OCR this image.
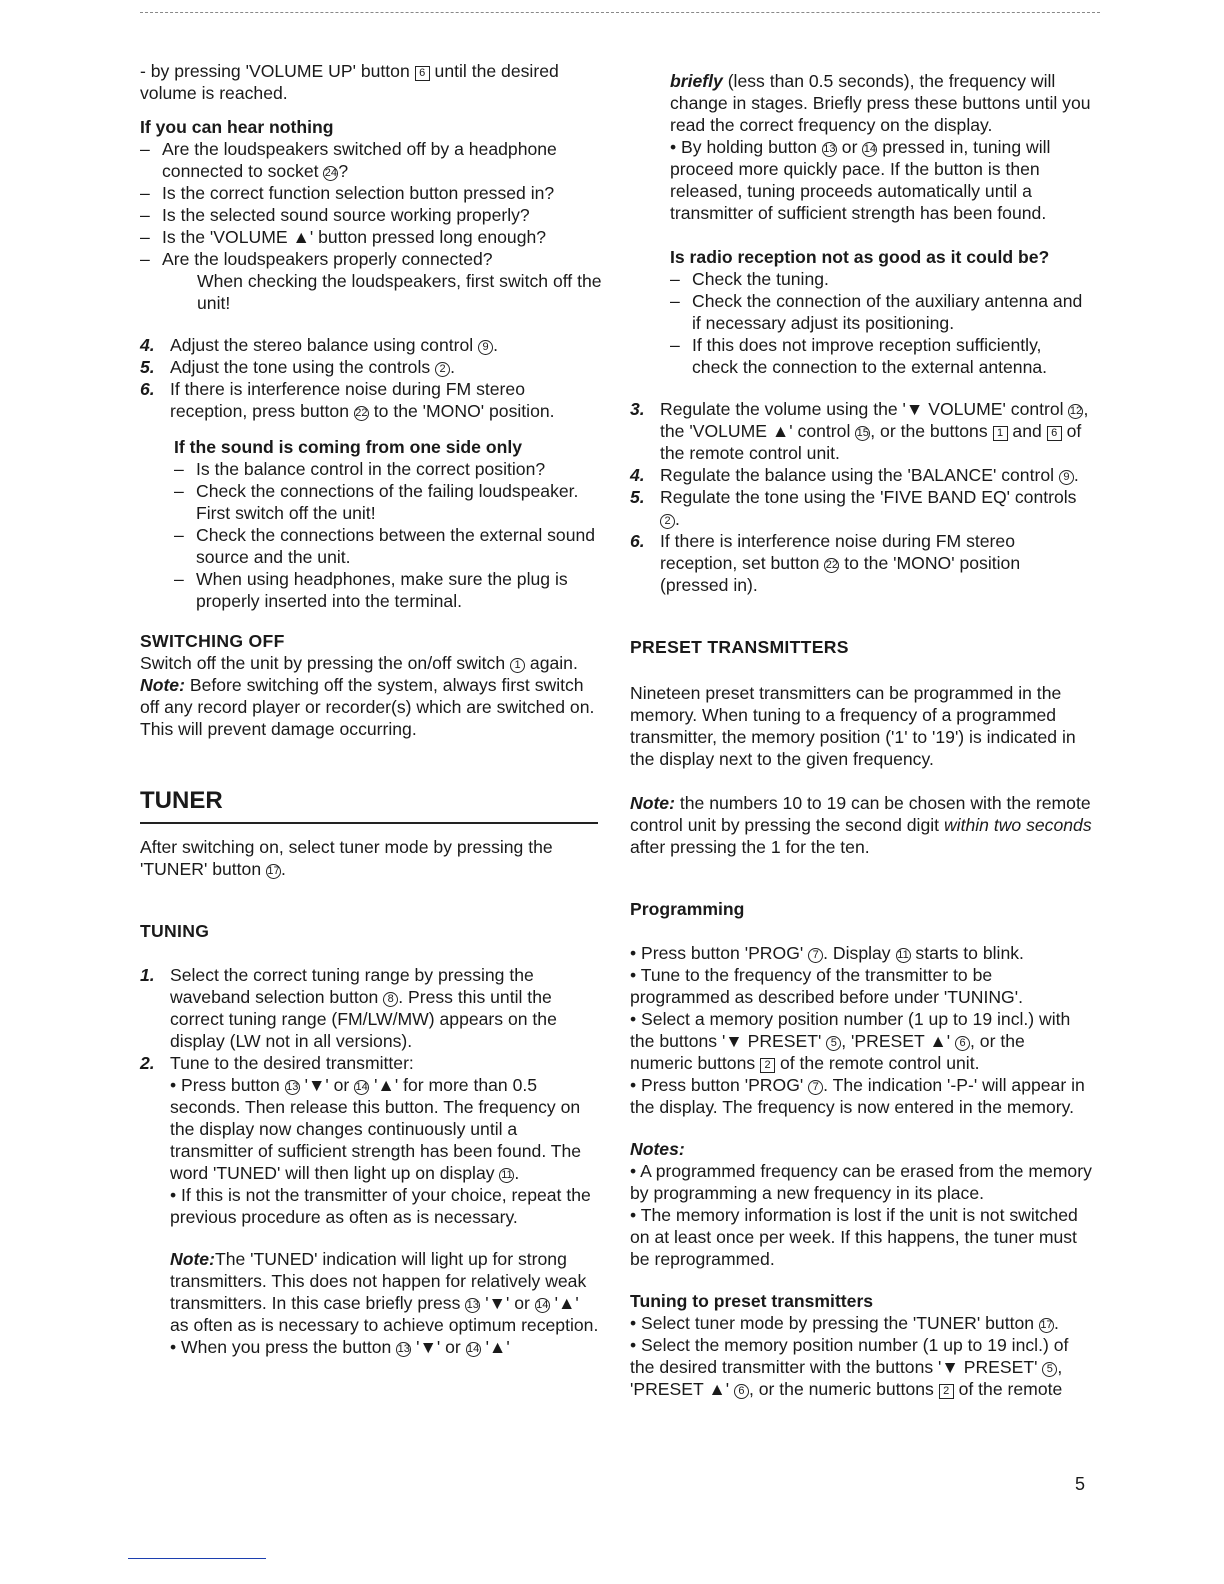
- by pressing 'VOLUME UP' button 6 until the desired volume is reached.

If you can hear nothing

– Are the loudspeakers switched off by a headphone connected to socket 24?

– Is the correct function selection button pressed in?

– Is the selected sound source working properly?

– Is the 'VOLUME ▲' button pressed long enough?

– Are the loudspeakers properly connected?

When checking the loudspeakers, first switch off the unit!

4. Adjust the stereo balance using control 9 .

5. Adjust the tone using the controls 2 .

6. If there is interference noise during FM stereo reception, press button 22 to the 'MONO' position.

If the sound is coming from one side only

– Is the balance control in the correct position?

– Check the connections of the failing loudspeaker. First switch off the unit!

– Check the connections between the external sound source and the unit.

– When using headphones, make sure the plug is properly inserted into the terminal.

SWITCHING OFF

Switch off the unit by pressing the on/off switch 1 again. Note: Before switching off the system, always first switch off any record player or recorder(s) which are switched on. This will prevent damage occurring.

TUNER

After switching on, select tuner mode by pressing the 'TUNER' button 17.

TUNING

1. Select the correct tuning range by pressing the waveband selection button 8 . Press this until the correct tuning range (FM/LW/MW) appears on the display (LW not in all versions).

2. Tune to the desired transmitter:

• Press button 13 '▼' or 14 '▲' for more than 0.5 seconds. Then release this button. The frequency on the display now changes continuously until a transmitter of sufficient strength has been found. The word 'TUNED' will then light up on display 11 .

• If this is not the transmitter of your choice, repeat the previous procedure as often as is necessary.

Note:The 'TUNED' indication will light up for strong transmitters. This does not happen for relatively weak transmitters. In this case briefly press 13 '▼' or 14 '▲' as often as is necessary to achieve optimum reception.

• When you press the button 13 '▼' or 14 '▲'

briefly (less than 0.5 seconds), the frequency will change in stages. Briefly press these buttons until you read the correct frequency on the display.

• By holding button 13 or 14 pressed in, tuning will proceed more quickly pace. If the button is then released, tuning proceeds automatically until a transmitter of sufficient strength has been found.

Is radio reception not as good as it could be?

– Check the tuning.

– Check the connection of the auxiliary antenna and if necessary adjust its positioning.

– If this does not improve reception sufficiently, check the connection to the external antenna.

3. Regulate the volume using the '▼ VOLUME' control 12, the 'VOLUME ▲' control 15, or the buttons 1 and 6 of the remote control unit.

4. Regulate the balance using the 'BALANCE' control 9 .

5. Regulate the tone using the 'FIVE BAND EQ' controls 2 .

6. If there is interference noise during FM stereo reception, set button 22 to the 'MONO' position (pressed in).

PRESET TRANSMITTERS

Nineteen preset transmitters can be programmed in the memory. When tuning to a frequency of a programmed transmitter, the memory position ('1' to '19') is indicated in the display next to the given frequency.

Note: the numbers 10 to 19 can be chosen with the remote control unit by pressing the second digit within two seconds after pressing the 1 for the ten.

Programming

• Press button 'PROG' 7 . Display 11 starts to blink.

• Tune to the frequency of the transmitter to be programmed as described before under 'TUNING'.

• Select a memory position number (1 up to 19 incl.) with the buttons '▼ PRESET' 5 , 'PRESET ▲' 6 , or the numeric buttons 2 of the remote control unit.

• Press button 'PROG' 7 . The indication '-P-' will appear in the display. The frequency is now entered in the memory.

Notes:

• A programmed frequency can be erased from the memory by programming a new frequency in its place.

• The memory information is lost if the unit is not switched on at least once per week. If this happens, the tuner must be reprogrammed.

Tuning to preset transmitters

• Select tuner mode by pressing the 'TUNER' button 17.

• Select the memory position number (1 up to 19 incl.) of the desired transmitter with the buttons '▼ PRESET' 5 , 'PRESET ▲' 6 , or the numeric buttons 2 of the remote

5
